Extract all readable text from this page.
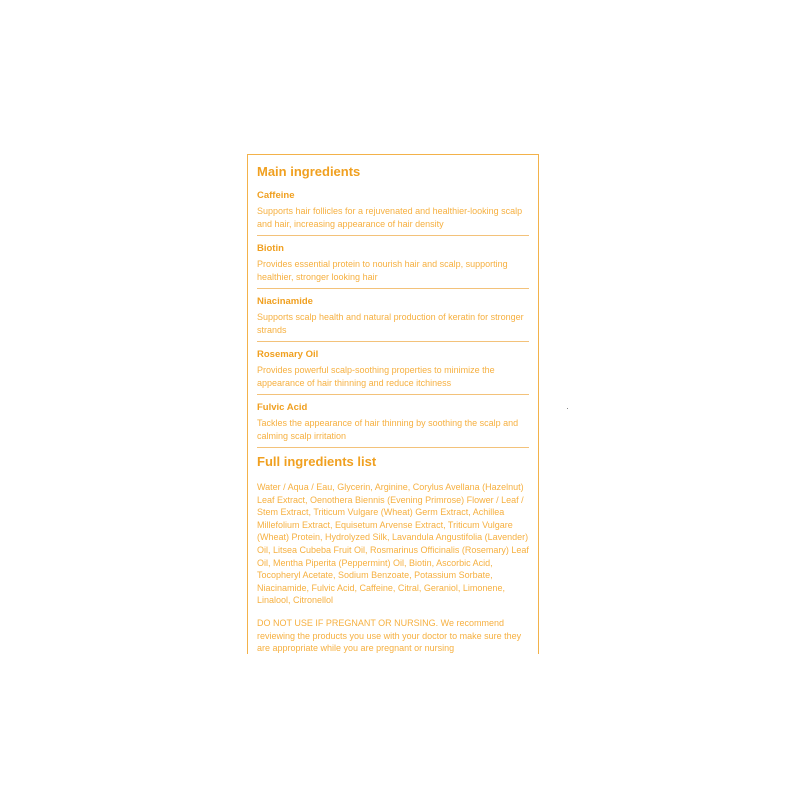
Main ingredients
Caffeine
Supports hair follicles for a rejuvenated and healthier-looking scalp and hair, increasing appearance of hair density
Biotin
Provides essential protein to nourish hair and scalp, supporting healthier, stronger looking hair
Niacinamide
Supports scalp health and natural production of keratin for stronger strands
Rosemary Oil
Provides powerful scalp-soothing properties to minimize the appearance of hair thinning and reduce itchiness
Fulvic Acid
Tackles the appearance of hair thinning by soothing the scalp and calming scalp irritation
Full ingredients list

Water / Aqua / Eau, Glycerin, Arginine, Corylus Avellana (Hazelnut) Leaf Extract, Oenothera Biennis (Evening Primrose) Flower / Leaf / Stem Extract, Triticum Vulgare (Wheat) Germ Extract, Achillea Millefolium Extract, Equisetum Arvense Extract, Triticum Vulgare (Wheat) Protein, Hydrolyzed Silk, Lavandula Angustifolia (Lavender) Oil, Litsea Cubeba Fruit Oil, Rosmarinus Officinalis (Rosemary) Leaf Oil, Mentha Piperita (Peppermint) Oil, Biotin, Ascorbic Acid, Tocopheryl Acetate, Sodium Benzoate, Potassium Sorbate, Niacinamide, Fulvic Acid, Caffeine, Citral, Geraniol, Limonene, Linalool, Citronellol

DO NOT USE IF PREGNANT OR NURSING. We recommend reviewing the products you use with your doctor to make sure they are appropriate while you are pregnant or nursing
